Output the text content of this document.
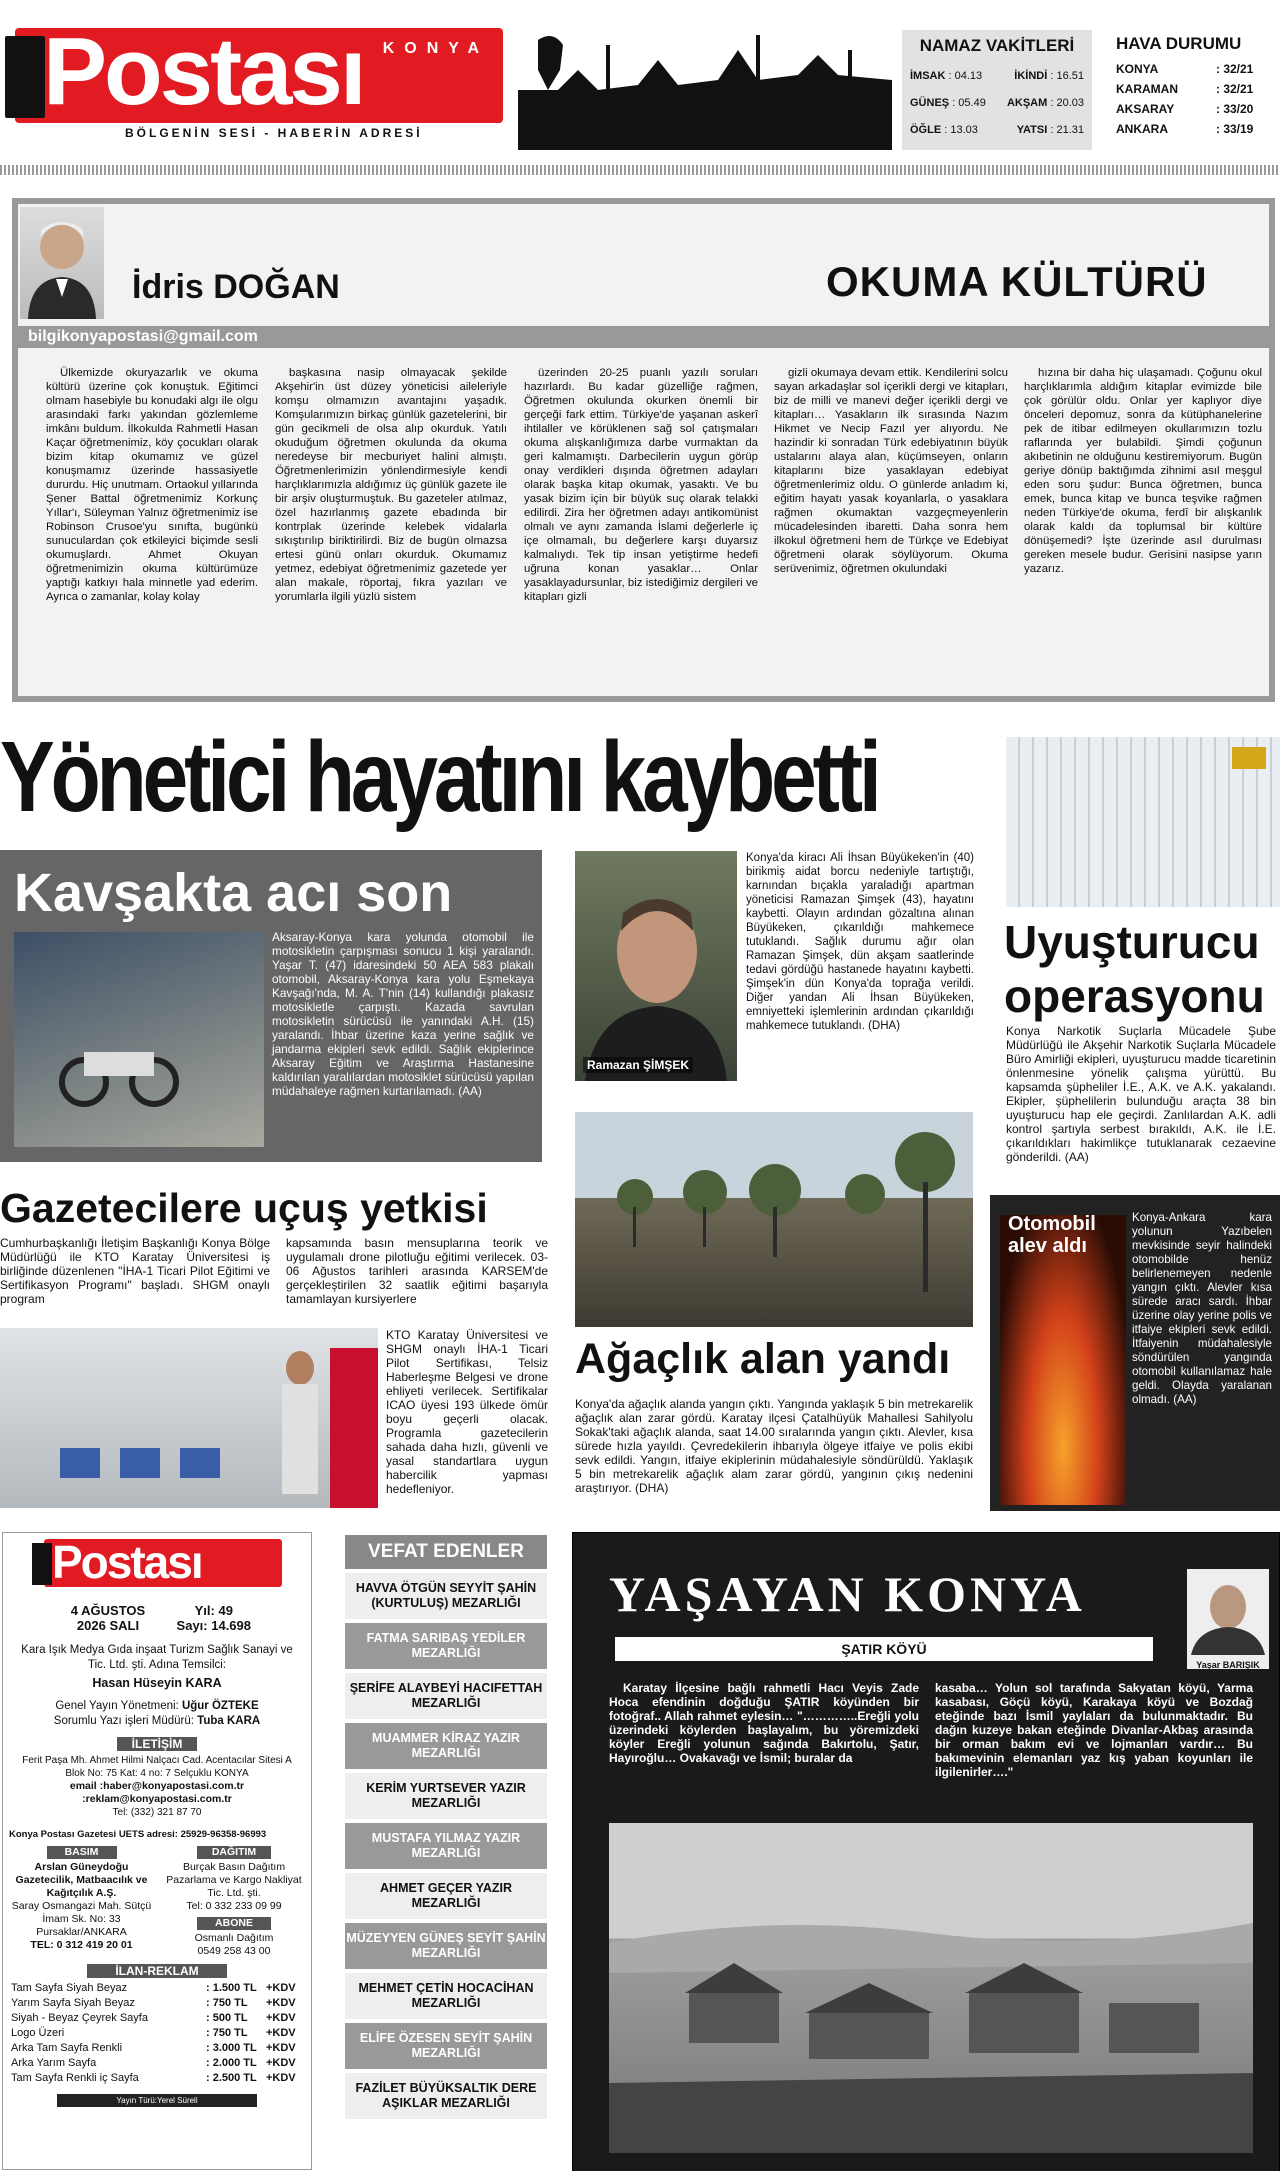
Postası KONYA
BÖLGENİN SESİ - HABERİN ADRESİ
NAMAZ VAKİTLERİ
İMSAK : 04.13	İKİNDİ : 16.51
GÜNEŞ : 05.49 AKŞAM : 20.03
ÖĞLE : 13.03	YATSI : 21.31
HAVA DURUMU
KONYA	: 32/21
KARAMAN	: 32/21
AKSARAY	: 33/20
ANKARA	: 33/19
İdris DOĞAN	OKUMA KÜLTÜRÜ
bilgikonyapostasi@gmail.com

Ülkemizde okuryazarlık ve okuma kültürü üzerine çok konuştuk. Eğitimci olmam hasebiyle bu konudaki algı ile olgu arasındaki farkı yakından gözlemleme imkânı buldum. İlkokulda Rahmetli Hasan Kaçar öğretmenimiz, köy çocukları olarak bizim kitap okumamız ve güzel konuşmamız üzerinde hassasiyetle dururdu. Hiç unutmam. Ortaokul yıllarında Şener Battal öğretmenimiz Korkunç Yıllar'ı, Süleyman Yalnız öğretmenimiz ise Robinson Crusoe'yu sınıfta, bugünkü sunuculardan çok etkileyici biçimde sesli okumuşlardı. Ahmet Okuyan öğretmenimizin okuma kültürümüze yaptığı katkıyı hala minnetle yad ederim. Ayrıca o zamanlar, kolay kolay

başkasına nasip olmayacak şekilde Akşehir'in üst düzey yöneticisi aileleriyle komşu olmamızın avantajını yaşadık. Komşularımızın birkaç günlük gazetelerini, bir gün gecikmeli de olsa alıp okurduk. Yatılı okuduğum öğretmen okulunda da okuma neredeyse bir mecburiyet halini almıştı. Öğretmenlerimizin yönlendirmesiyle kendi harçlıklarımızla aldığımız üç günlük gazete ile bir arşiv oluşturmuştuk. Bu gazeteler atılmaz, özel hazırlanmış gazete ebadında bir kontrplak üzerinde kelebek vidalarla sıkıştırılıp biriktirilirdi. Biz de bugün olmazsa ertesi günü onları okurduk. Okumamız yetmez, edebiyat öğretmenimiz gazetede yer alan makale, röportaj, fıkra yazıları ve yorumlarla ilgili yüzlü sistem

üzerinden 20-25 puanlı yazılı soruları hazırlardı. Bu kadar güzelliğe rağmen, Öğretmen okulunda okurken önemli bir gerçeği fark ettim. Türkiye'de yaşanan askerî ihtilaller ve körüklenen sağ sol çatışmaları okuma alışkanlığımıza darbe vurmaktan da geri kalmamıştı. Darbecilerin uygun görüp onay verdikleri dışında öğretmen adayları olarak başka kitap okumak, yasaktı. Ve bu yasak bizim için bir büyük suç olarak telakki edilirdi. Zira her öğretmen adayı antikomünist olmalı ve aynı zamanda İslami değerlerle iç içe olmamalı, bu değerlere karşı duyarsız kalmalıydı. Tek tip insan yetiştirme hedefi uğruna konan yasaklar… Onlar yasaklayadursunlar, biz istediğimiz dergileri ve kitapları gizli

gizli okumaya devam ettik. Kendilerini solcu sayan arkadaşlar sol içerikli dergi ve kitapları, biz de milli ve manevi değer içerikli dergi ve kitapları… Yasakların ilk sırasında Nazım Hikmet ve Necip Fazıl yer alıyordu. Ne hazindir ki sonradan Türk edebiyatının büyük ustalarını alaya alan, küçümseyen, onların kitaplarını bize yasaklayan edebiyat öğretmenlerimiz oldu. O günlerde anladım ki, eğitim hayatı yasak koyanlarla, o yasaklara rağmen okumaktan vazgeçmeyenlerin mücadelesinden ibaretti. Daha sonra hem ilkokul öğretmeni hem de Türkçe ve Edebiyat öğretmeni olarak söylüyorum. Okuma serüvenimiz, öğretmen okulundaki

hızına bir daha hiç ulaşamadı. Çoğunu okul harçlıklarımla aldığım kitaplar evimizde bile çok görülür oldu. Onlar yer kaplıyor diye önceleri depomuz, sonra da kütüphanelerine pek de itibar edilmeyen okullarımızın tozlu raflarında yer bulabildi. Şimdi çoğunun akıbetinin ne olduğunu kestiremiyorum. Bugün geriye dönüp baktığımda zihnimi asıl meşgul eden soru şudur: Bunca öğretmen, bunca emek, bunca kitap ve bunca teşvike rağmen neden Türkiye'de okuma, ferdî bir alışkanlık olarak kaldı da toplumsal bir kültüre dönüşemedi? İşte üzerinde asıl durulması gereken mesele budur. Gerisini nasipse yarın yazarız.

Yönetici hayatını kaybetti
Uyuşturucu operasyonu
Konya Narkotik Suçlarla Mücadele Şube Müdürlüğü ile Akşehir Narkotik Suçlarla Mücadele Büro Amirliği ekipleri, uyuşturucu madde ticaretinin önlenmesine yönelik çalışma yürüttü. Bu kapsamda şüpheliler İ.E., A.K. ve A.K. yakalandı. Ekipler, şüphelilerin bulunduğu araçta 38 bin uyuşturucu hap ele geçirdi. Zanlılardan A.K. adli kontrol şartıyla serbest bırakıldı, A.K. ile İ.E. çıkarıldıkları hakimlikçe tutuklanarak cezaevine gönderildi. (AA)
Kavşakta acı son
Aksaray-Konya kara yolunda otomobil ile motosikletin çarpışması sonucu 1 kişi yaralandı. Yaşar T. (47) idaresindeki 50 AEA 583 plakalı otomobil, Aksaray-Konya kara yolu Eşmekaya Kavşağı'nda, M. A. T'nin (14) kullandığı plakasız motosikletle çarpıştı. Kazada savrulan motosikletin sürücüsü ile yanındaki A.H. (15) yaralandı. İhbar üzerine kaza yerine sağlık ve jandarma ekipleri sevk edildi. Sağlık ekiplerince Aksaray Eğitim ve Araştırma Hastanesine kaldırılan yaralılardan motosiklet sürücüsü yapılan müdahaleye rağmen kurtarılamadı. (AA)
Ramazan ŞİMŞEK
Konya'da kiracı Ali İhsan Büyükeken'in (40) birikmiş aidat borcu nedeniyle tartıştığı, karnından bıçakla yaraladığı apartman yöneticisi Ramazan Şimşek (43), hayatını kaybetti. Olayın ardından gözaltına alınan Büyükeken, çıkarıldığı mahkemece tutuklandı. Sağlık durumu ağır olan Ramazan Şimşek, dün akşam saatlerinde tedavi gördüğü hastanede hayatını kaybetti. Şimşek'in dün Konya'da toprağa verildi. Diğer yandan Ali İhsan Büyükeken, emniyetteki işlemlerinin ardından çıkarıldığı mahkemece tutuklandı. (DHA)
Ağaçlık alan yandı
Konya'da ağaçlık alanda yangın çıktı. Yangında yaklaşık 5 bin metrekarelik ağaçlık alan zarar gördü. Karatay ilçesi Çatalhüyük Mahallesi Sahilyolu Sokak'taki ağaçlık alanda, saat 14.00 sıralarında yangın çıktı. Alevler, kısa sürede hızla yayıldı. Çevredekilerin ihbarıyla ölgeye itfaiye ve polis ekibi sevk edildi. Yangın, itfaiye ekiplerinin müdahalesiyle söndürüldü. Yaklaşık 5 bin metrekarelik ağaçlık alam zarar gördü, yangının çıkış nedenini araştırıyor. (DHA)
Otomobil alev aldı
Konya-Ankara kara yolunun Yazıbelen mevkisinde seyir halindeki otomobilde henüz belirlenemeyen nedenle yangın çıktı. Alevler kısa sürede aracı sardı. İhbar üzerine olay yerine polis ve itfaiye ekipleri sevk edildi. İtfaiyenin müdahalesiyle söndürülen yangında otomobil kullanılamaz hale geldi. Olayda yaralanan olmadı. (AA)
Gazetecilere uçuş yetkisi
Cumhurbaşkanlığı İletişim Başkanlığı Konya Bölge Müdürlüğü ile KTO Karatay Üniversitesi iş birliğinde düzenlenen "İHA-1 Ticari Pilot Eğitimi ve Sertifikasyon Programı" başladı. SHGM onaylı program
kapsamında basın mensuplarına teorik ve uygulamalı drone pilotluğu eğitimi verilecek. 03-06 Ağustos tarihleri arasında KARSEM'de gerçekleştirilen 32 saatlik eğitimi başarıyla tamamlayan kursiyerlere
KTO Karatay Üniversitesi ve SHGM onaylı İHA-1 Ticari Pilot Sertifikası, Telsiz Haberleşme Belgesi ve drone ehliyeti verilecek. Sertifikalar ICAO üyesi 193 ülkede ömür boyu geçerli olacak. Programla gazetecilerin sahada daha hızlı, güvenli ve yasal standartlara uygun habercilik yapması hedefleniyor.
Postası
4 AĞUSTOS 2026 SALI
Yıl: 49
Sayı: 14.698
Kara Işık Medya Gıda inşaat Turizm Sağlık Sanayi ve Tic. Ltd. şti. Adına Temsilci:
Hasan Hüseyin KARA
Genel Yayın Yönetmeni: Uğur ÖZTEKE
Sorumlu Yazı işleri Müdürü: Tuba KARA
İLETİŞİM
Ferit Paşa Mh. Ahmet Hilmi Nalçacı Cad. Acentacılar Sitesi A Blok No: 75 Kat: 4 no: 7 Selçuklu KONYA
email :haber@konyapostasi.com.tr
:reklam@konyapostasi.com.tr
Tel: (332) 321 87 70
Konya Postası Gazetesi UETS adresi: 25929-96358-96993
BASIM
Arslan Güneydoğu Gazetecilik, Matbaacılık ve Kağıtçılık A.Ş.
Saray Osmangazi Mah. Sütçü İmam Sk. No: 33 Pursaklar/ANKARA
TEL: 0 312 419 20 01
DAĞITIM
Burçak Basın Dağıtım Pazarlama ve Kargo Nakliyat Tic. Ltd. şti.
Tel: 0 332 233 09 99
ABONE
Osmanlı Dağıtım
0549 258 43 00
İLAN-REKLAM
Tam Sayfa Siyah Beyaz	: 1.500 TL +KDV
Yarım Sayfa Siyah Beyaz	: 750 TL	+KDV
Siyah - Beyaz Çeyrek Sayfa	: 500 TL	+KDV
Logo Üzeri	: 750 TL	+KDV
Arka Tam Sayfa Renkli	: 3.000 TL +KDV
Arka Yarım Sayfa	: 2.000 TL +KDV
Tam Sayfa Renkli iç Sayfa	: 2.500 TL +KDV
Yayın Türü:Yerel Süreli
VEFAT EDENLER
HAVVA ÖTGÜN SEYYİT ŞAHİN (KURTULUŞ) MEZARLIĞI
FATMA SARIBAŞ YEDİLER MEZARLIĞI
ŞERİFE ALAYBEYİ HACIFETTAH MEZARLIĞI
MUAMMER KİRAZ YAZIR MEZARLIĞI
KERİM YURTSEVER YAZIR MEZARLIĞI
MUSTAFA YILMAZ YAZIR MEZARLIĞI
AHMET GEÇER YAZIR MEZARLIĞI
MÜZEYYEN GÜNEŞ SEYİT ŞAHİN MEZARLIĞI
MEHMET ÇETİN HOCACİHAN MEZARLIĞI
ELİFE ÖZESEN SEYİT ŞAHİN MEZARLIĞI
FAZİLET BÜYÜKSALTIK DERE AŞIKLAR MEZARLIĞI
YAŞAYAN KONYA
Yaşar BARIŞIK
ŞATIR KÖYÜ
Karatay İlçesine bağlı rahmetli Hacı Veyis Zade Hoca efendinin doğduğu ŞATIR köyünden bir fotoğraf.. Allah rahmet eylesin… "…………..Ereğli yolu üzerindeki köylerden başlayalım, bu yöremizdeki köyler Ereğli yolunun sağında Bakırtolu, Şatır, Hayıroğlu… Ovakavağı ve İsmil; buralar da
kasaba… Yolun sol tarafında Sakyatan köyü, Yarma kasabası, Göçü köyü, Karakaya köyü ve Bozdağ eteğinde bazı İsmil yaylaları da bulunmaktadır. Bu dağın kuzeye bakan eteğinde Divanlar-Akbaş arasında bir orman bakım evi ve lojmanları vardır… Bu bakımevinin elemanları yaz kış yaban koyunları ile ilgilenirler…."
